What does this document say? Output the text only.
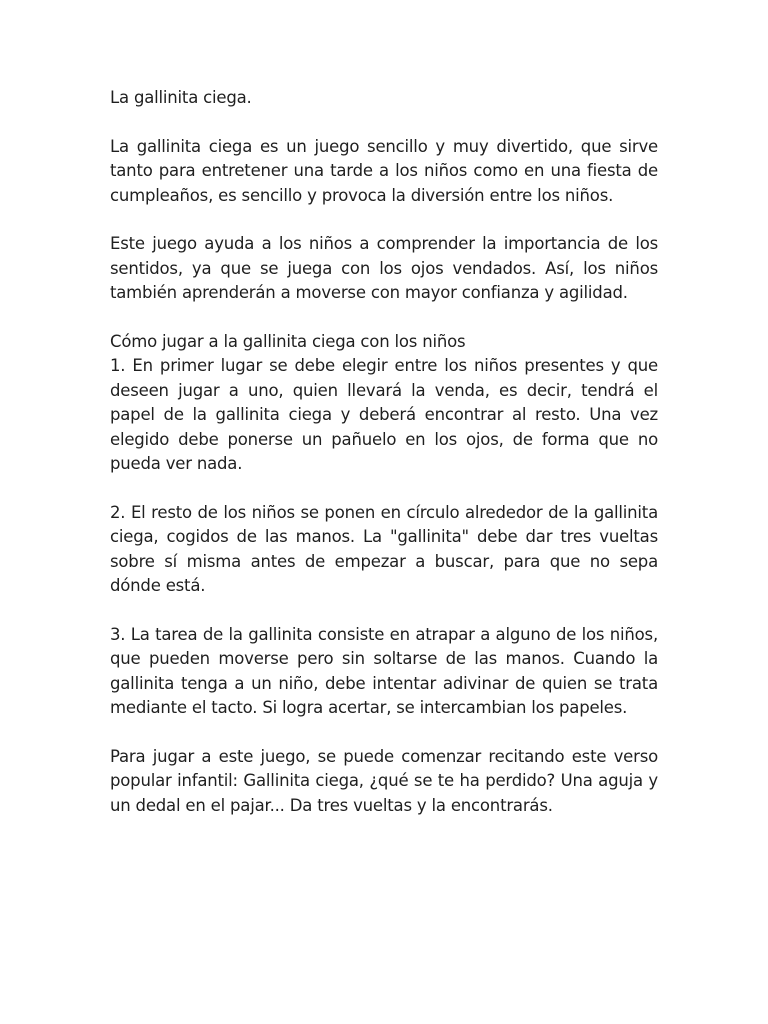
La gallinita ciega.

La gallinita ciega es un juego sencillo y muy divertido, que sirve tanto para entretener una tarde a los niños como en una fiesta de cumpleaños, es sencillo y provoca la diversión entre los niños.

Este juego ayuda a los niños a comprender la importancia de los sentidos, ya que se juega con los ojos vendados. Así, los niños también aprenderán a moverse con mayor confianza y agilidad.

Cómo jugar a la gallinita ciega con los niños

1. En primer lugar se debe elegir entre los niños presentes y que deseen jugar a uno, quien llevará la venda, es decir, tendrá el papel de la gallinita ciega y deberá encontrar al resto. Una vez elegido debe ponerse un pañuelo en los ojos, de forma que no pueda ver nada.

2. El resto de los niños se ponen en círculo alrededor de la gallinita ciega, cogidos de las manos. La "gallinita" debe dar tres vueltas sobre sí misma antes de empezar a buscar, para que no sepa dónde está.

3. La tarea de la gallinita consiste en atrapar a alguno de los niños, que pueden moverse pero sin soltarse de las manos. Cuando la gallinita tenga a un niño, debe intentar adivinar de quien se trata mediante el tacto. Si logra acertar, se intercambian los papeles.

Para jugar a este juego, se puede comenzar recitando este verso popular infantil: Gallinita ciega, ¿qué se te ha perdido? Una aguja y un dedal en el pajar... Da tres vueltas y la encontrarás.
